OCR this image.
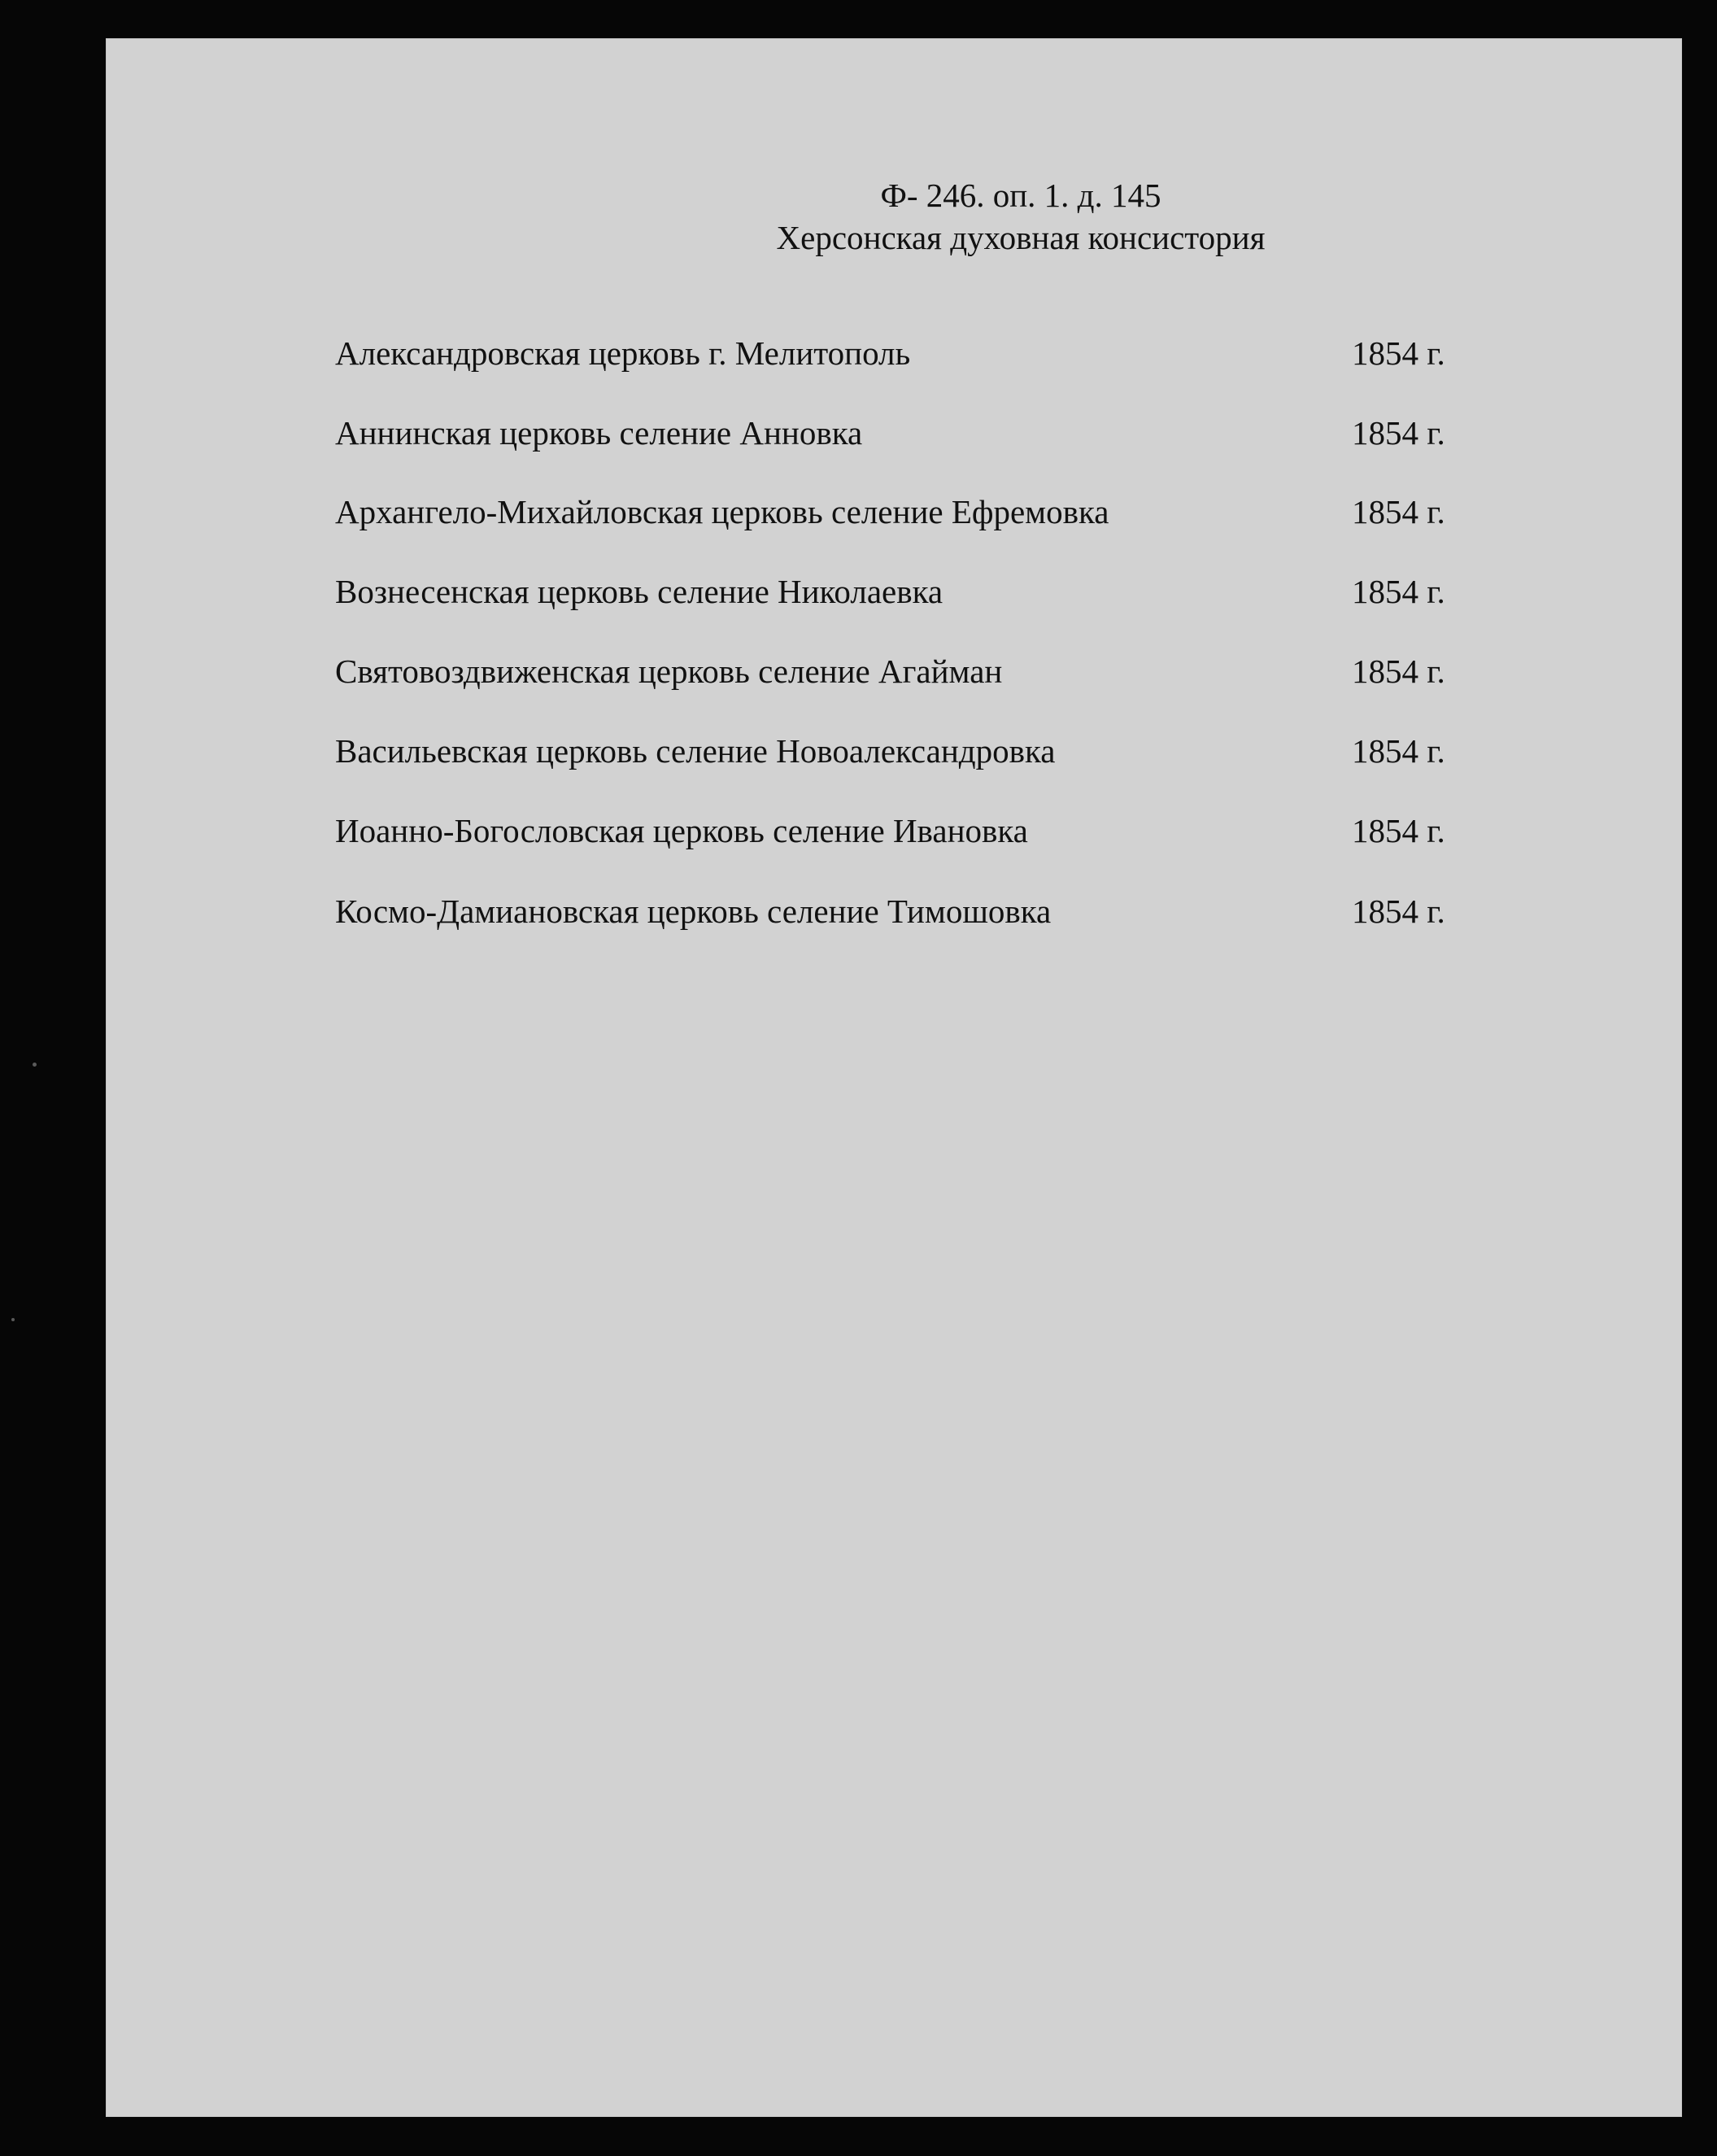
Ф- 246. оп. 1. д. 145
Херсонская духовная консистория
Александровская церковь г. Мелитополь	1854 г.
Аннинская церковь селение Анновка	1854 г.
Архангело-Михайловская церковь селение Ефремовка	1854 г.
Вознесенская церковь селение Николаевка	1854 г.
Святовоздвиженская церковь селение Агайман	1854 г.
Васильевская церковь селение Новоалександровка	1854 г.
Иоанно-Богословская церковь селение Ивановка	1854 г.
Космо-Дамиановская церковь селение Тимошовка	1854 г.
